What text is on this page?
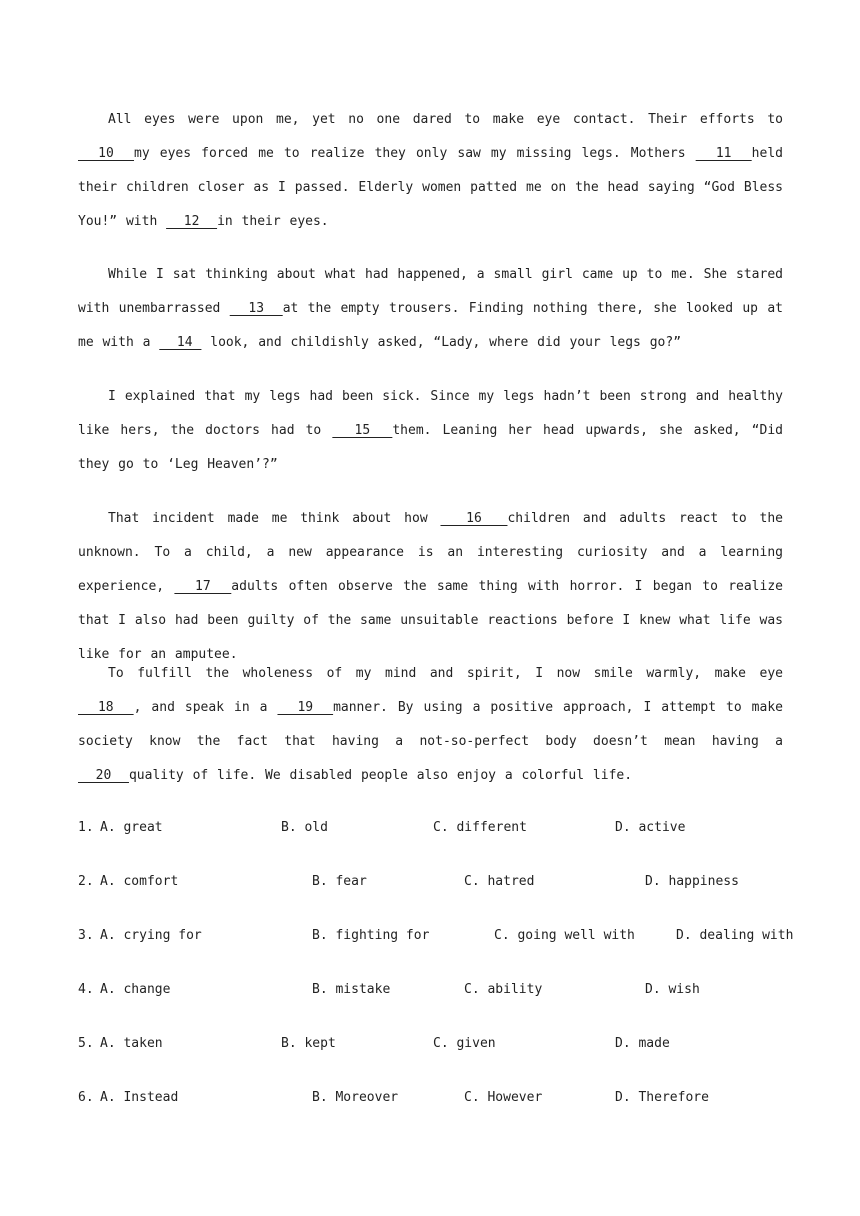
All eyes were upon me, yet no one dared to make eye contact. Their efforts to   10  my eyes forced me to realize they only saw my missing legs. Mothers   11  held their children closer as I passed. Elderly women patted me on the head saying “God Bless You!” with   12  in their eyes.

While I sat thinking about what had happened, a small girl came up to me. She stared with unembarrassed   13  at the empty trousers. Finding nothing there, she looked up at me with a   14  look, and childishly asked, “Lady, where did your legs go?”

I explained that my legs had been sick. Since my legs hadn’t been strong and healthy like hers, the doctors had to   15  them. Leaning her head upwards, she asked, “Did they go to ‘Leg Heaven’?”

That incident made me think about how   16  children and adults react to the unknown. To a child, a new appearance is an interesting curiosity and a learning experience,   17  adults often observe the same thing with horror. I began to realize that I also had been guilty of the same unsuitable reactions before I knew what life was like for an amputee.

To fulfill the wholeness of my mind and spirit, I now smile warmly, make eye   18  , and speak in a   19  manner. By using a positive approach, I attempt to make society know the fact that having a not-so-perfect body doesn’t mean having a   20  quality of life. We disabled people also enjoy a colorful life.

1. A. great	B. old	C. different	D. active
2. A. comfort	B. fear	C. hatred	D. happiness
3. A. crying for	B. fighting for	C. going well with	D. dealing with
4. A. change	B. mistake	C. ability	D. wish
5. A. taken	B. kept	C. given	D. made
6. A. Instead	B. Moreover	C. However	D. Therefore
